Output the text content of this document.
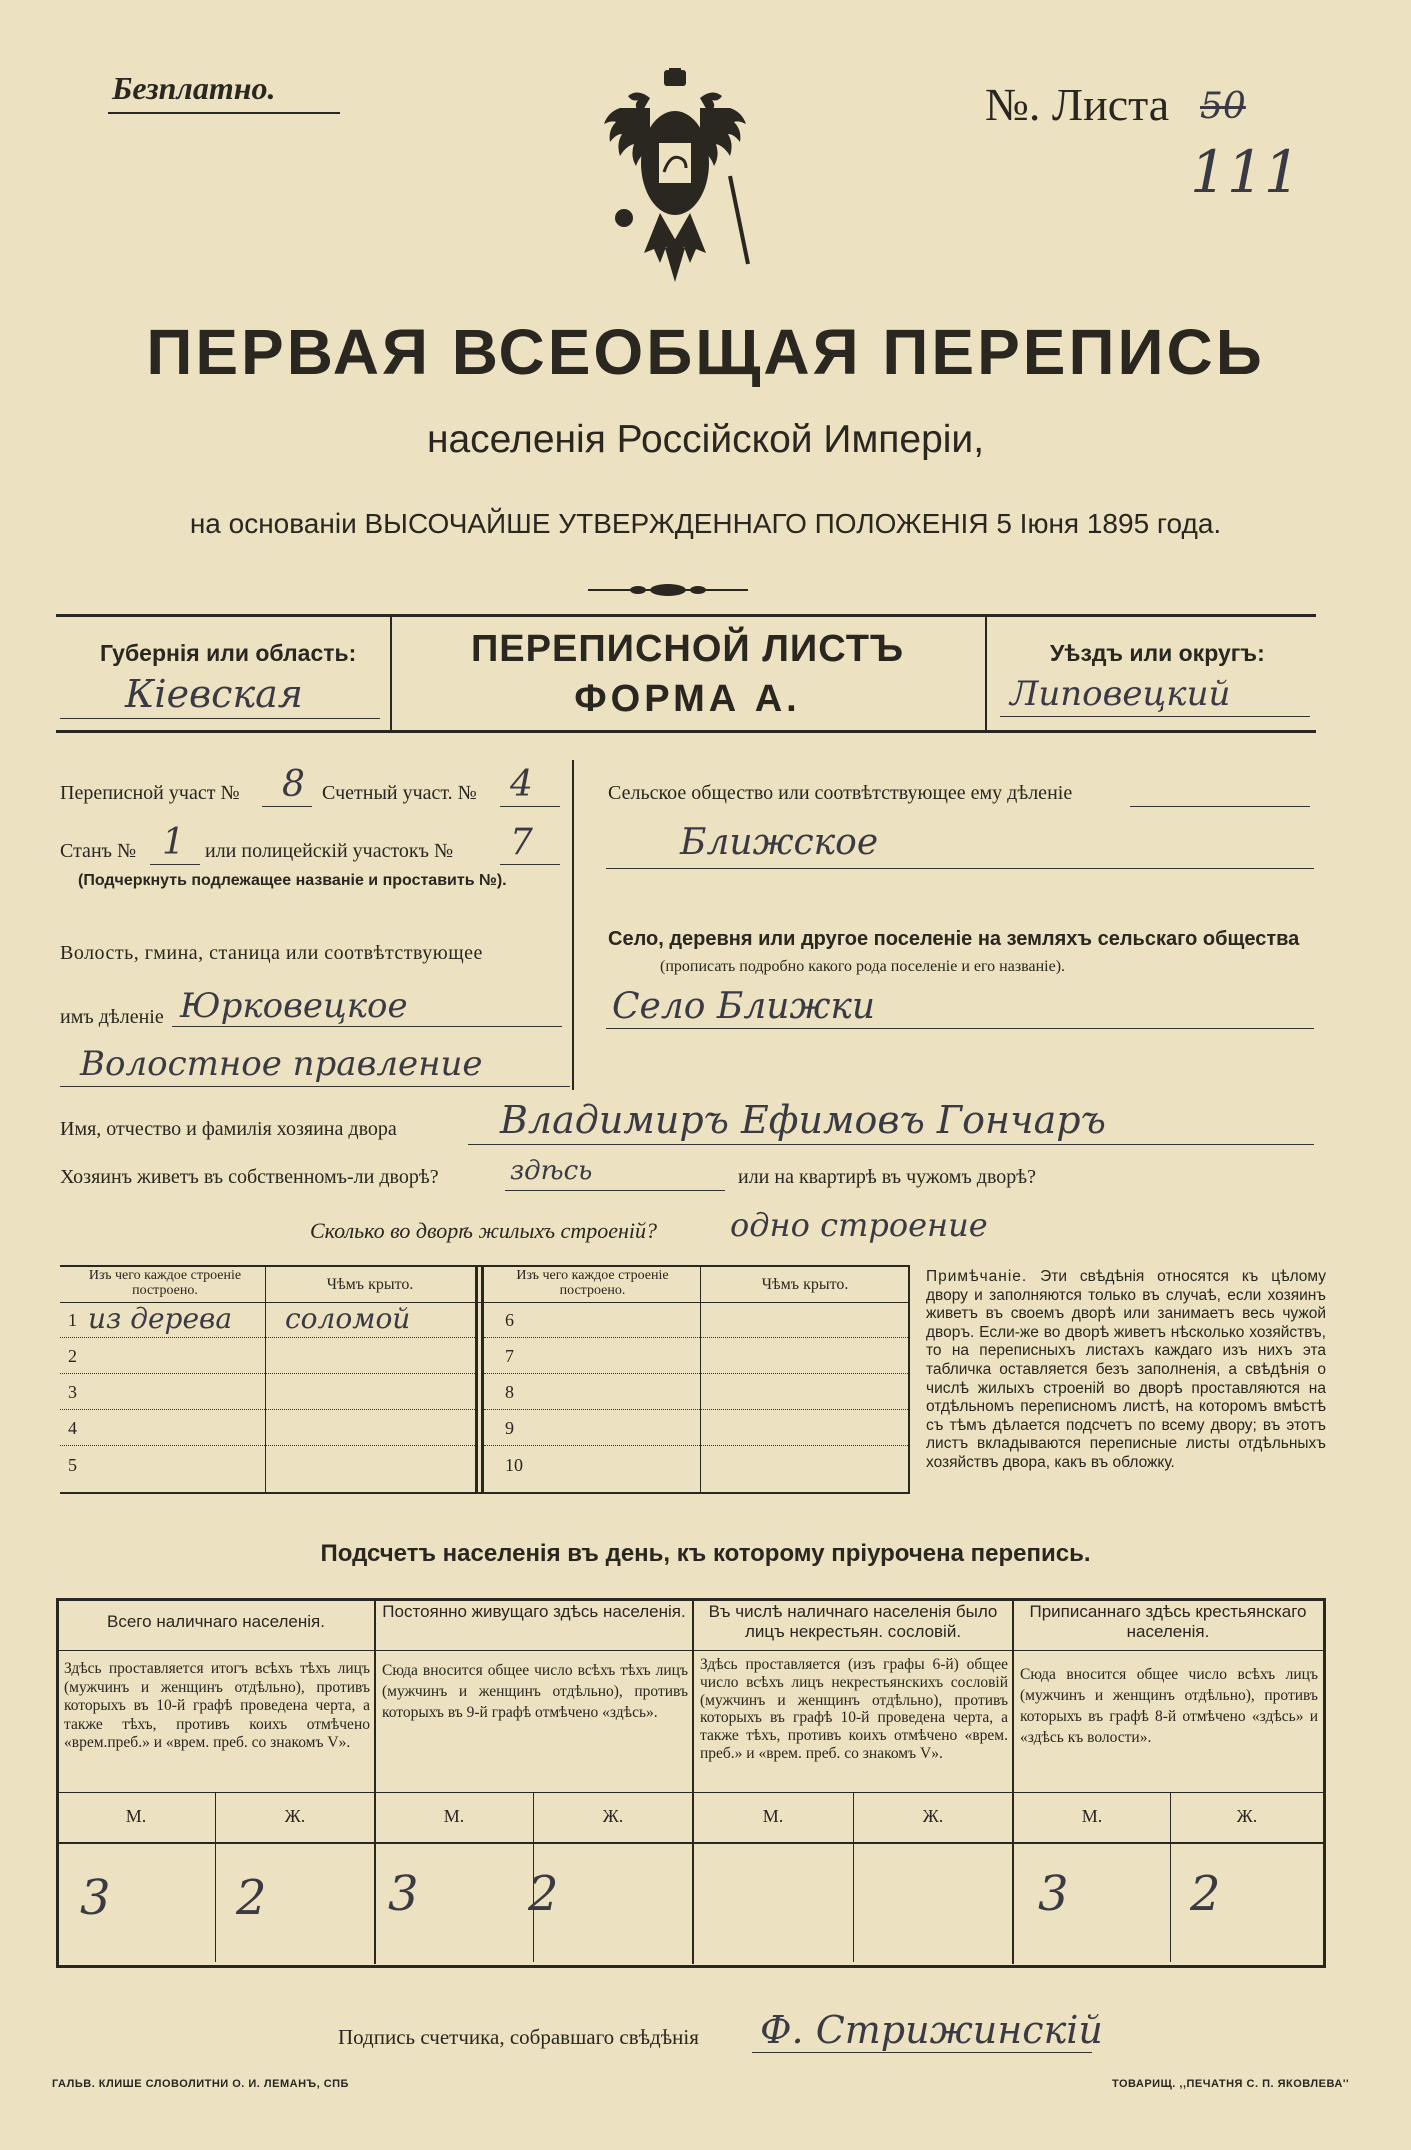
Безплатно.	№. Листа 50
111
ПЕРВАЯ ВСЕОБЩАЯ ПЕРЕПИСЬ
населенія Россійской Имперіи,
на основаніи ВЫСОЧАЙШЕ УТВЕРЖДЕННАГО ПОЛОЖЕНІЯ 5 Іюня 1895 года.
Губернія или область:
Кіевская
ПЕРЕПИСНОЙ ЛИСТЪ
ФОРМА А.
Уѣздъ или округъ:
Липовецкий
Переписной участ № 8 Счетный участ. № 4
Станъ № 1 или полицейскій участокъ № 7
(Подчеркнуть подлежащее названіе и проставить №).
Волость, гмина, станица или соотвѣтствующее
имъ дѣленіе Юрковецкое
Волостное правление
Сельское общество или соотвѣтствующее ему дѣленіе
Ближское
Село, деревня или другое поселеніе на земляхъ сельскаго общества
(прописать подробно какого рода поселеніе и его названіе).
Село Ближки
Имя, отчество и фамилія хозяина двора	Владимиръ Ефимовъ Гончаръ
Хозяинъ живетъ въ собственномъ-ли дворѣ?	здѣсь	или на квартирѣ въ чужомъ дворѣ?
Сколько во дворѣ жилыхъ строеній? одно строение
Изъ чего каждое строеніе построено.	Чѣмъ крыто.
Изъ чего каждое строеніе построено.	Чѣмъ крыто.
1 из дерева соломой
2
3
4
5
6
7
8
9
10
Примѣчаніе. Эти свѣдѣнія относятся къ цѣлому двору и заполняются только въ случаѣ, если хозяинъ живетъ въ своемъ дворѣ или занимаетъ весь чужой дворъ. Если-же во дворѣ живетъ нѣсколько хозяйствъ, то на переписныхъ листахъ каждаго изъ нихъ эта табличка оставляется безъ заполненія, а свѣдѣнія о числѣ жилыхъ строеній во дворѣ проставляются на отдѣльномъ переписномъ листѣ, на которомъ вмѣстѣ съ тѣмъ дѣлается подсчетъ по всему двору; въ этотъ листъ вкладываются переписные листы отдѣльныхъ хозяйствъ двора, какъ въ обложку.
Подсчетъ населенія въ день, къ которому пріурочена перепись.
Всего наличнаго населенія.
Здѣсь проставляется итогъ всѣхъ тѣхъ лицъ (мужчинъ и женщинъ отдѣльно), противъ которыхъ въ 10-й графѣ проведена черта, а также тѣхъ, противъ коихъ отмѣчено «врем.преб.» и «врем. преб. со знакомъ V».
М.	Ж.
3	2
Постоянно живущаго здѣсь населенія.
Сюда вносится общее число всѣхъ тѣхъ лицъ (мужчинъ и женщинъ отдѣльно), противъ которыхъ въ 9-й графѣ отмѣчено «здѣсь».
М.	Ж.
3 2
Въ числѣ наличнаго населенія было лицъ некрестьян. сословій.
Здѣсь проставляется (изъ графы 6-й) общее число всѣхъ лицъ некрестьянскихъ сословій (мужчинъ и женщинъ отдѣльно), противъ которыхъ въ графѣ 10-й проведена черта, а также тѣхъ, противъ коихъ отмѣчено «врем. преб.» и «врем. преб. со знакомъ V».
М.	Ж.
Приписаннаго здѣсь крестьянскаго населенія.
Сюда вносится общее число всѣхъ лицъ (мужчинъ и женщинъ отдѣльно), противъ которыхъ въ графѣ 8-й отмѣчено «здѣсь» и «здѣсь къ волости».
М.	Ж.
3	2
Подпись счетчика, собравшаго свѣдѣнія Ф. Стрижинскій
ГАЛЬВ. КЛИШЕ СЛОВОЛИТНИ О. И. ЛЕМАНЪ, СПБ	ТОВАРИЩ. ,,ПЕЧАТНЯ С. П. ЯКОВЛЕВА''
